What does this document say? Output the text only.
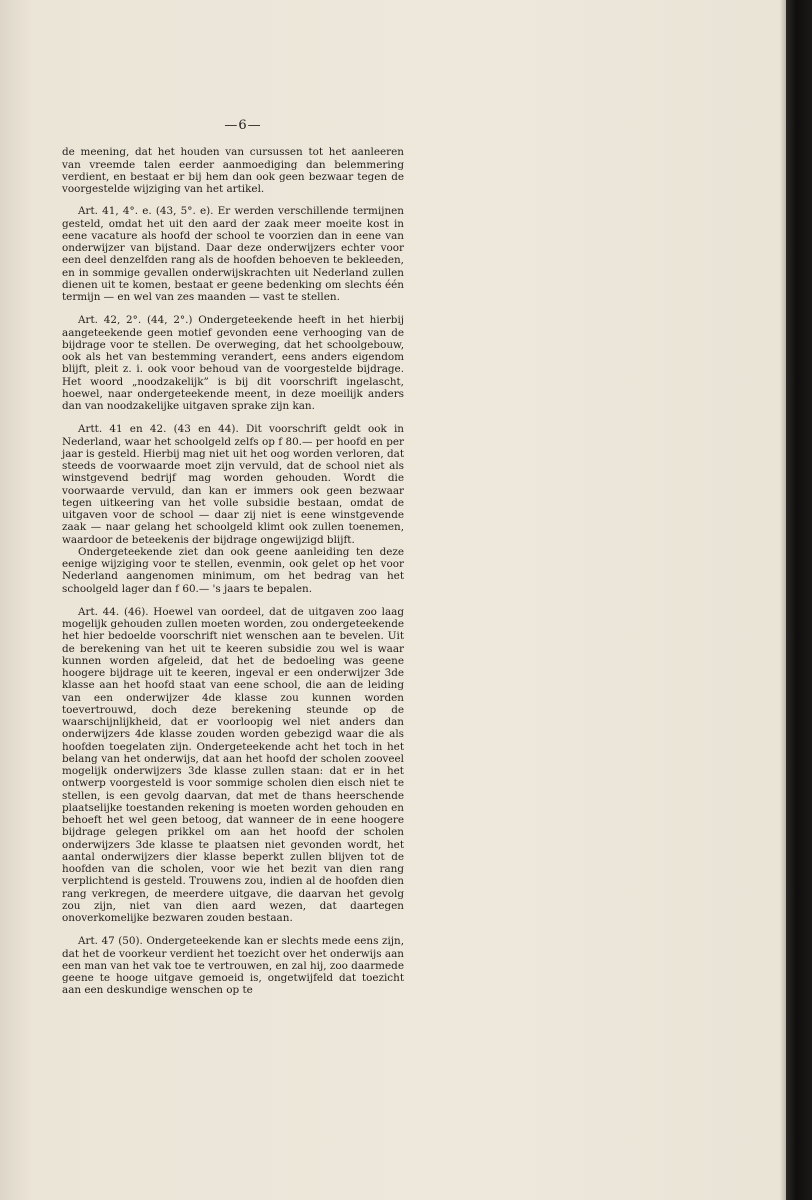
—6—

de meening, dat het houden van cursussen tot het aanleeren van vreemde talen eerder aanmoediging dan belemmering verdient, en bestaat er bij hem dan ook geen bezwaar tegen de voorgestelde wijziging van het artikel.

Art. 41, 4°. e. (43, 5°. e). Er werden verschillende termijnen gesteld, omdat het uit den aard der zaak meer moeite kost in eene vacature als hoofd der school te voorzien dan in eene van onderwijzer van bijstand. Daar deze onderwijzers echter voor een deel denzelfden rang als de hoofden behoeven te bekleeden, en in sommige gevallen onderwijskrachten uit Nederland zullen dienen uit te komen, bestaat er geene bedenking om slechts één termijn — en wel van zes maanden — vast te stellen.

Art. 42, 2°. (44, 2°.) Ondergeteekende heeft in het hierbij aangeteekende geen motief gevonden eene verhooging van de bijdrage voor te stellen. De overweging, dat het schoolgebouw, ook als het van bestemming verandert, eens anders eigendom blijft, pleit z. i. ook voor behoud van de voorgestelde bijdrage. Het woord „noodzakelijk” is bij dit voorschrift ingelascht, hoewel, naar ondergeteekende meent, in deze moeilijk anders dan van noodzakelijke uitgaven sprake zijn kan.

Artt. 41 en 42. (43 en 44). Dit voorschrift geldt ook in Nederland, waar het schoolgeld zelfs op f 80.— per hoofd en per jaar is gesteld. Hierbij mag niet uit het oog worden verloren, dat steeds de voorwaarde moet zijn vervuld, dat de school niet als winstgevend bedrijf mag worden gehouden. Wordt die voorwaarde vervuld, dan kan er immers ook geen bezwaar tegen uitkeering van het volle subsidie bestaan, omdat de uitgaven voor de school — daar zij niet is eene winstgevende zaak — naar gelang het schoolgeld klimt ook zullen toenemen, waardoor de beteekenis der bijdrage ongewijzigd blijft.

Ondergeteekende ziet dan ook geene aanleiding ten deze eenige wijziging voor te stellen, evenmin, ook gelet op het voor Nederland aangenomen minimum, om het bedrag van het schoolgeld lager dan f 60.— 's jaars te bepalen.

Art. 44. (46). Hoewel van oordeel, dat de uitgaven zoo laag mogelijk gehouden zullen moeten worden, zou ondergeteekende het hier bedoelde voorschrift niet wenschen aan te bevelen. Uit de berekening van het uit te keeren subsidie zou wel is waar kunnen worden afgeleid, dat het de bedoeling was geene hoogere bijdrage uit te keeren, ingeval er een onderwijzer 3de klasse aan het hoofd staat van eene school, die aan de leiding van een onderwijzer 4de klasse zou kunnen worden toevertrouwd, doch deze berekening steunde op de waarschijnlijkheid, dat er voorloopig wel niet anders dan onderwijzers 4de klasse zouden worden gebezigd waar die als hoofden toegelaten zijn. Ondergeteekende acht het toch in het belang van het onderwijs, dat aan het hoofd der scholen zooveel mogelijk onderwijzers 3de klasse zullen staan: dat er in het ontwerp voorgesteld is voor sommige scholen dien eisch niet te stellen, is een gevolg daarvan, dat met de thans heerschende plaatselijke toestanden rekening is moeten worden gehouden en behoeft het wel geen betoog, dat wanneer de in eene hoogere bijdrage gelegen prikkel om aan het hoofd der scholen onderwijzers 3de klasse te plaatsen niet gevonden wordt, het aantal onderwijzers dier klasse beperkt zullen blijven tot de hoofden van die scholen, voor wie het bezit van dien rang verplichtend is gesteld. Trouwens zou, indien al de hoofden dien rang verkregen, de meerdere uitgave, die daarvan het gevolg zou zijn, niet van dien aard wezen, dat daartegen onoverkomelijke bezwaren zouden bestaan.

Art. 47 (50). Ondergeteekende kan er slechts mede eens zijn, dat het de voorkeur verdient het toezicht over het onderwijs aan een man van het vak toe te vertrouwen, en zal hij, zoo daarmede geene te hooge uitgave gemoeid is, ongetwijfeld dat toezicht aan een deskundige wenschen op te
